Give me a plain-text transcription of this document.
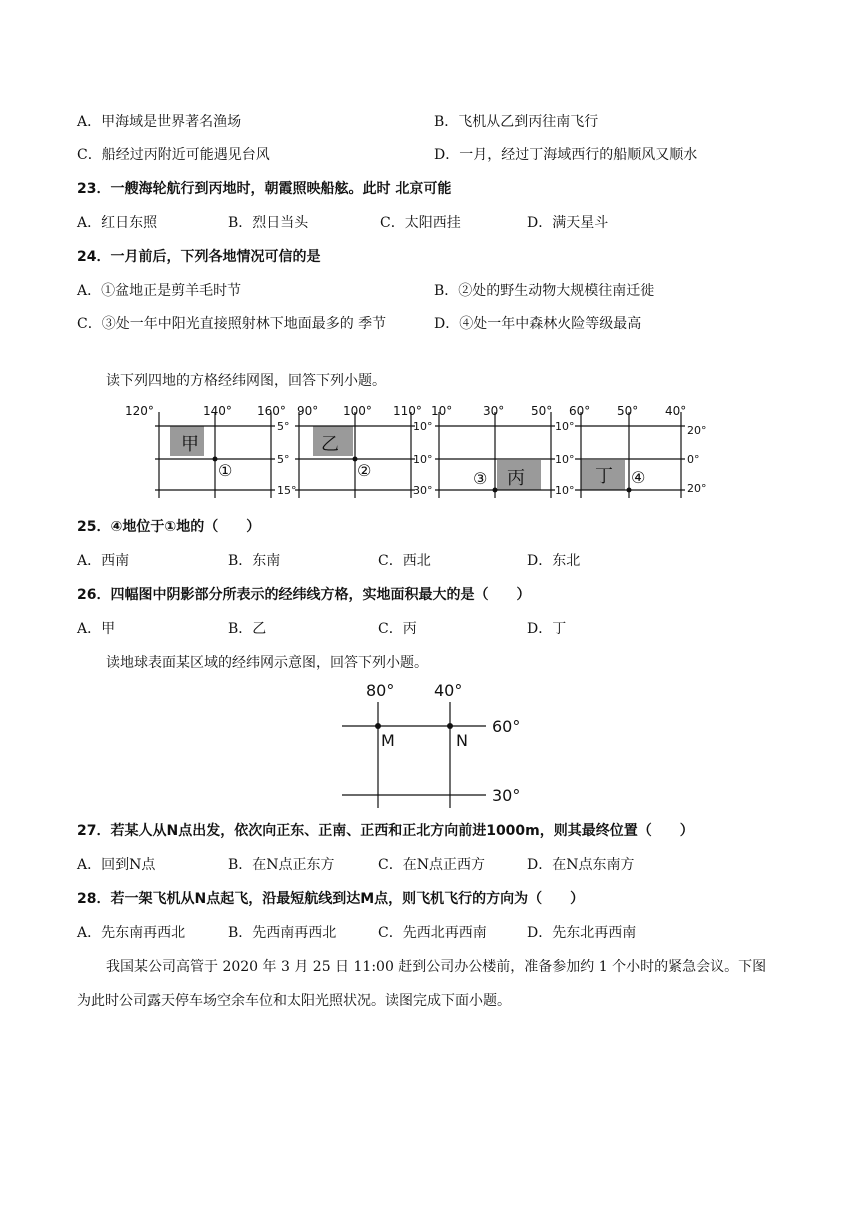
A．甲海域是世界著名渔场	B．飞机从乙到丙往南飞行
C．船经过丙附近可能遇见台风	D．一月，经过丁海域西行的船顺风又顺水
23．一艘海轮航行到丙地时，朝霞照映船舷。此时 北京可能
A．红日东照	B．烈日当头	C．太阳西挂	D．满天星斗
24．一月前后，下列各地情况可信的是
A．①盆地正是剪羊毛时节	B．②处的野生动物大规模往南迁徙
C．③处一年中阳光直接照射林下地面最多的 季节	D．④处一年中森林火险等级最高
读下列四地的方格经纬网图，回答下列小题。
120°	140° 160°
5°
5°
15°
甲
①
90° 100° 110°
10°
10°
30°
乙
②
10°	30° 50°
10°
10°
10°
丙
③
60° 50° 40°
20°
0°
20°
丁 ④
25．④地位于①地的（　　）
A．西南	B．东南	C．西北	D．东北
26．四幅图中阴影部分所表示的经纬线方格，实地面积最大的是（　　）
A．甲	B．乙	C．丙	D．丁
读地球表面某区域的经纬网示意图，回答下列小题。
80° 40°
60°
30°
M	N
27．若某人从N点出发，依次向正东、正南、正西和正北方向前进1000m，则其最终位置（　　）
A．回到N点	B．在N点正东方	C．在N点正西方	D．在N点东南方
28．若一架飞机从N点起飞，沿最短航线到达M点，则飞机飞行的方向为（　　）
A．先东南再西北	B．先西南再西北	C．先西北再西南	D．先东北再西南
我国某公司高管于 2020 年 3 月 25 日 11:00 赶到公司办公楼前，准备参加约 1 个小时的紧急会议。下图
为此时公司露天停车场空余车位和太阳光照状况。读图完成下面小题。
